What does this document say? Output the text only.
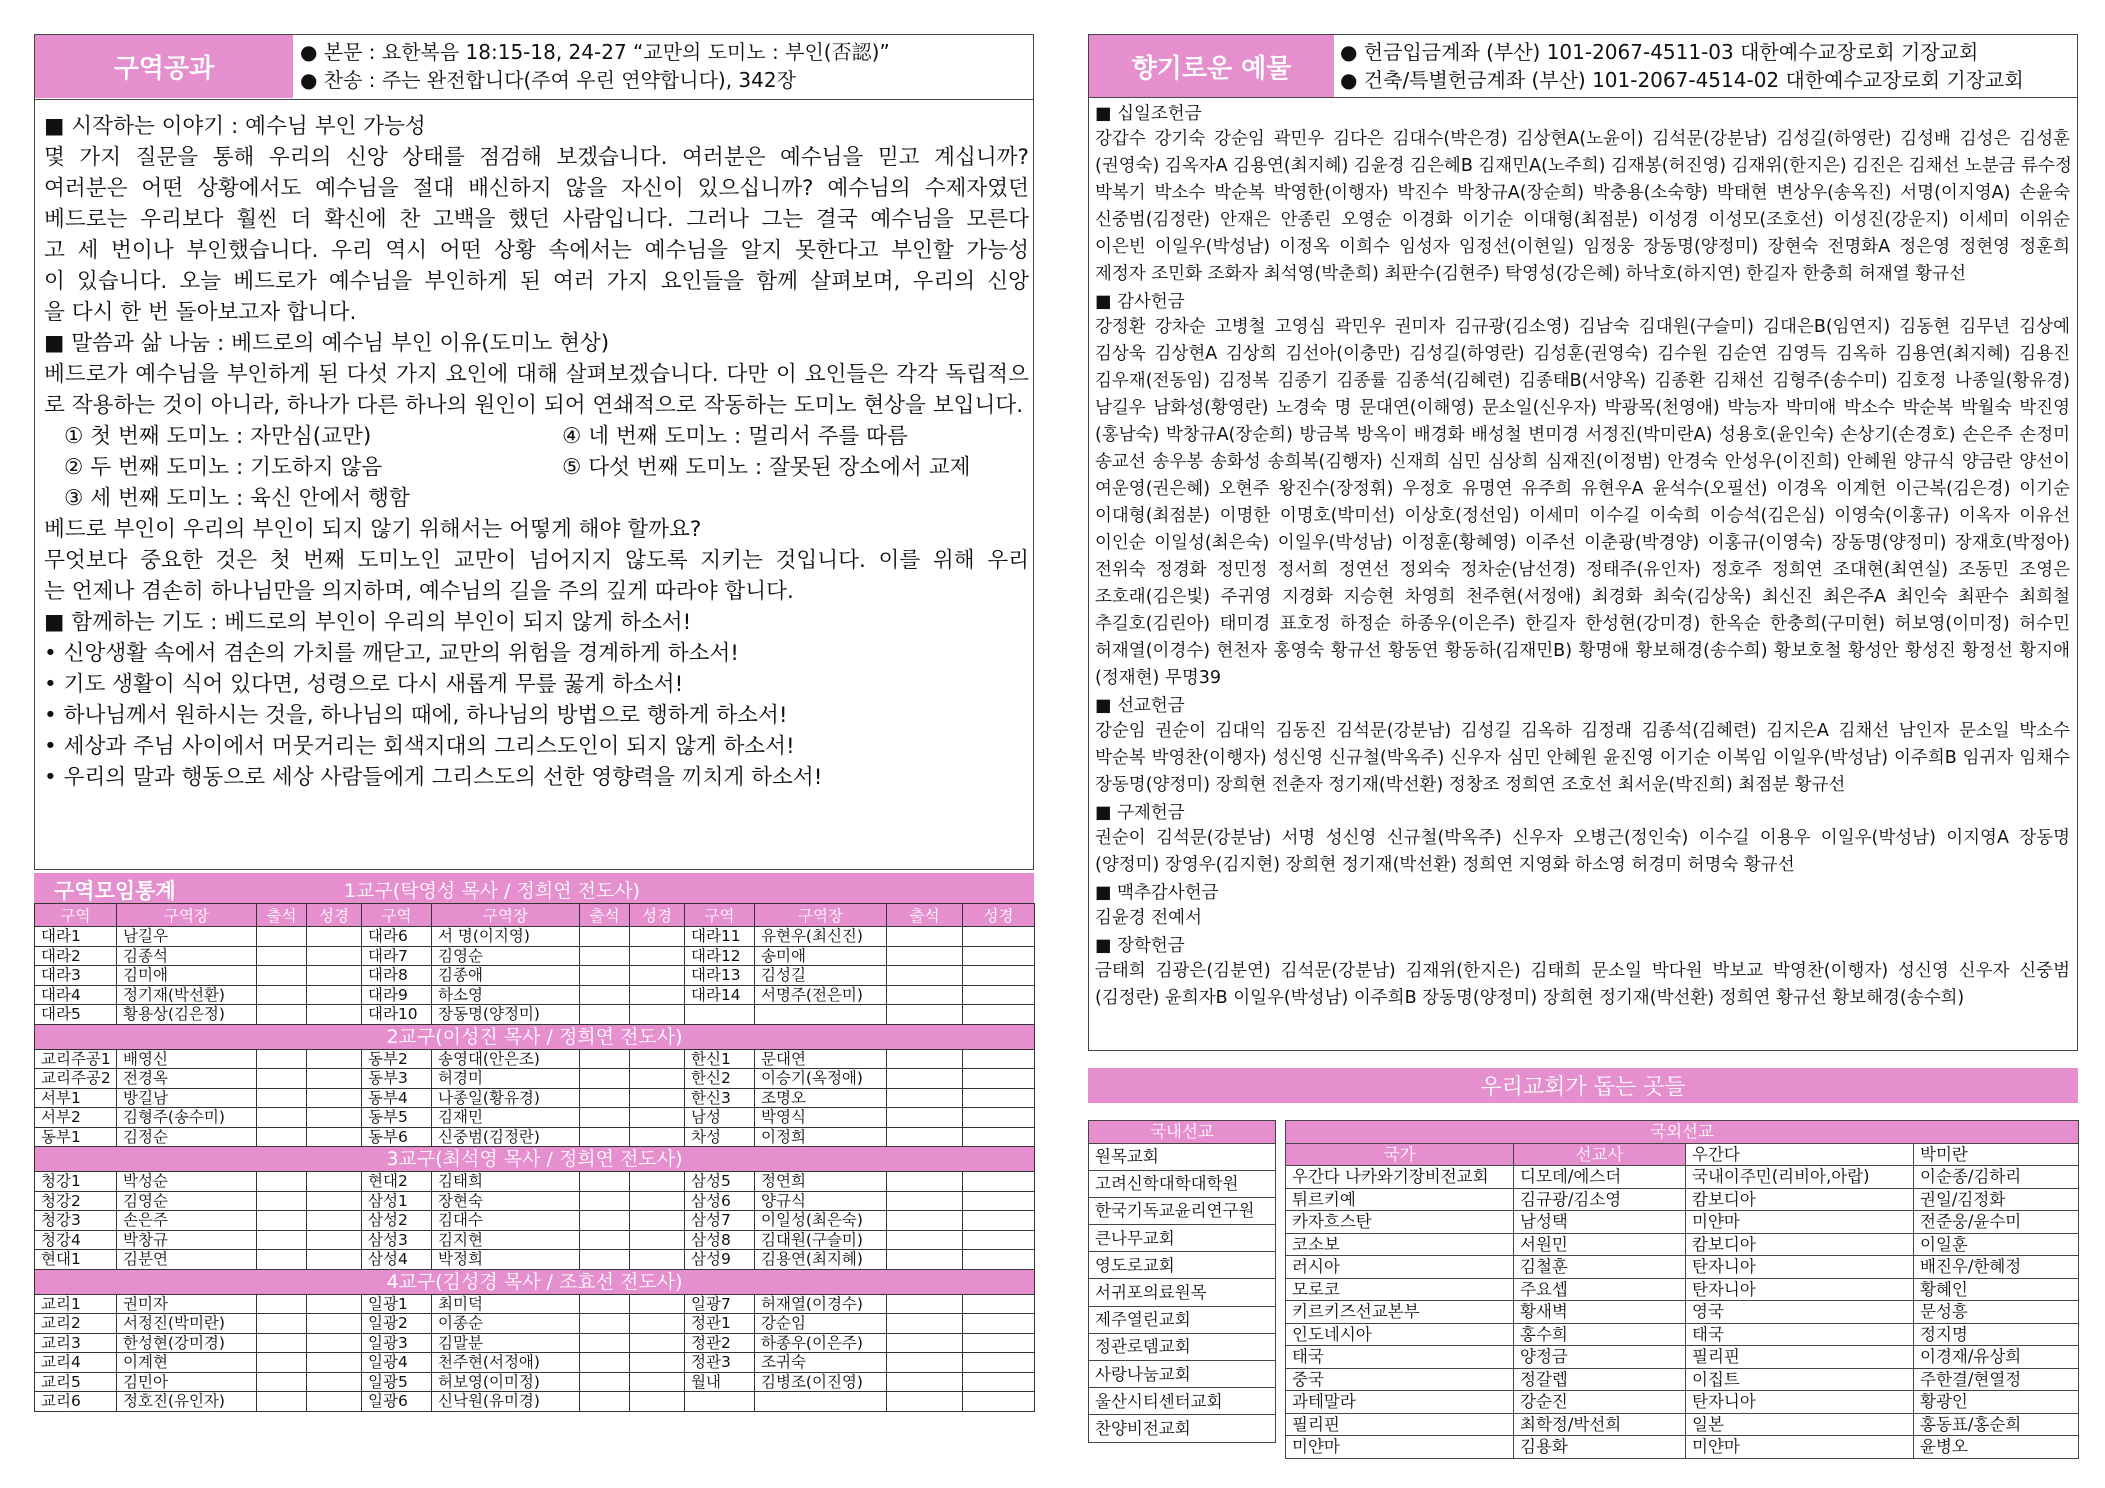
구역공과
● 본문 : 요한복음 18:15-18, 24-27 “교만의 도미노 : 부인(否認)”
● 찬송 : 주는 완전합니다(주여 우린 연약합니다), 342장
■ 시작하는 이야기 : 예수님 부인 가능성
몇 가지 질문을 통해 우리의 신앙 상태를 점검해 보겠습니다. 여러분은 예수님을 믿고 계십니까?
여러분은 어떤 상황에서도 예수님을 절대 배신하지 않을 자신이 있으십니까? 예수님의 수제자였던
베드로는 우리보다 훨씬 더 확신에 찬 고백을 했던 사람입니다. 그러나 그는 결국 예수님을 모른다
고 세 번이나 부인했습니다. 우리 역시 어떤 상황 속에서는 예수님을 알지 못한다고 부인할 가능성
이 있습니다. 오늘 베드로가 예수님을 부인하게 된 여러 가지 요인들을 함께 살펴보며, 우리의 신앙
을 다시 한 번 돌아보고자 합니다.
■ 말씀과 삶 나눔 : 베드로의 예수님 부인 이유(도미노 현상)
베드로가 예수님을 부인하게 된 다섯 가지 요인에 대해 살펴보겠습니다. 다만 이 요인들은 각각 독립적으
로 작용하는 것이 아니라, 하나가 다른 하나의 원인이 되어 연쇄적으로 작동하는 도미노 현상을 보입니다.
① 첫 번째 도미노 : 자만심(교만)
② 두 번째 도미노 : 기도하지 않음
③ 세 번째 도미노 : 육신 안에서 행함
④ 네 번째 도미노 : 멀리서 주를 따름
⑤ 다섯 번째 도미노 : 잘못된 장소에서 교제
베드로 부인이 우리의 부인이 되지 않기 위해서는 어떻게 해야 할까요?
무엇보다 중요한 것은 첫 번째 도미노인 교만이 넘어지지 않도록 지키는 것입니다. 이를 위해 우리
는 언제나 겸손히 하나님만을 의지하며, 예수님의 길을 주의 깊게 따라야 합니다.
■ 함께하는 기도 : 베드로의 부인이 우리의 부인이 되지 않게 하소서!
• 신앙생활 속에서 겸손의 가치를 깨닫고, 교만의 위험을 경계하게 하소서!
• 기도 생활이 식어 있다면, 성령으로 다시 새롭게 무릎 꿇게 하소서!
• 하나님께서 원하시는 것을, 하나님의 때에, 하나님의 방법으로 행하게 하소서!
• 세상과 주님 사이에서 머뭇거리는 회색지대의 그리스도인이 되지 않게 하소서!
• 우리의 말과 행동으로 세상 사람들에게 그리스도의 선한 영향력을 끼치게 하소서!
구역모임통계	1교구(탁영성 목사 / 정희연 전도사)
구역	구역장	출석	성경	구역	구역장	출석	성경	구역	구역장	출석	성경
대라1	남길우			대라6	서 명(이지영)			대라11	유현우(최신진)		
대라2	김종석			대라7	김영순			대라12	송미애		
대라3	김미애			대라8	김종애			대라13	김성길		
대라4	정기재(박선환)			대라9	하소영			대라14	서명주(전은미)		
대라5	황용상(김은정)			대라10	장동명(양정미)						
2교구(이성진 목사 / 정희연 전도사)											
교리주공1	배영신			동부2	송영대(안은조)			한신1	문대연		
교리주공2	전경옥			동부3	허경미			한신2	이승기(옥정애)		
서부1	방길남			동부4	나종일(황유경)			한신3	조명오		
서부2	김형주(송수미)			동부5	김재민			남성	박영식		
동부1	김정순			동부6	신중범(김정란)			차성	이정희		
3교구(최석영 목사 / 정희연 전도사)											
청강1	박성순			현대2	김태희			삼성5	정연희		
청강2	김영순			삼성1	장현숙			삼성6	양규식		
청강3	손은주			삼성2	김대수			삼성7	이일성(최은숙)		
청강4	박창규			삼성3	김지현			삼성8	김대원(구슬미)		
현대1	김분연			삼성4	박정희			삼성9	김용연(최지혜)		
4교구(김성경 목사 / 조효선 전도사)											
교리1	권미자			일광1	최미덕			일광7	허재열(이경수)		
교리2	서정진(박미란)			일광2	이종순			정관1	강순임		
교리3	한성현(강미경)			일광3	김말분			정관2	하종우(이은주)		
교리4	이계현			일광4	천주현(서정애)			정관3	조귀숙		
교리5	김민아			일광5	허보영(이미정)			월내	김병조(이진영)		
교리6	정호진(유인자)			일광6	신낙원(유미경)						
향기로운 예물
● 헌금입금계좌 (부산) 101-2067-4511-03 대한예수교장로회 기장교회
● 건축/특별헌금계좌 (부산) 101-2067-4514-02 대한예수교장로회 기장교회
■ 십일조헌금
강갑수 강기숙 강순임 곽민우 김다은 김대수(박은경) 김상현A(노윤이) 김석문(강분남) 김성길(하영란) 김성배 김성은 김성훈
(권영숙) 김옥자A 김용연(최지혜) 김윤경 김은혜B 김재민A(노주희) 김재봉(허진영) 김재위(한지은) 김진은 김채선 노분금 류수정
박복기 박소수 박순복 박영한(이행자) 박진수 박창규A(장순희) 박충용(소숙향) 박태현 변상우(송옥진) 서명(이지영A) 손윤숙
신중범(김정란) 안재은 안종린 오영순 이경화 이기순 이대형(최점분) 이성경 이성모(조호선) 이성진(강운지) 이세미 이위순
이은빈 이일우(박성남) 이정옥 이희수 임성자 임정선(이현일) 임정웅 장동명(양정미) 장현숙 전명화A 정은영 정현영 정훈희
제정자 조민화 조화자 최석영(박춘희) 최판수(김현주) 탁영성(강은혜) 하낙호(하지연) 한길자 한충희 허재열 황규선
■ 감사헌금
강정환 강차순 고병철 고영심 곽민우 권미자 김규광(김소영) 김남숙 김대원(구슬미) 김대은B(임연지) 김동현 김무년 김상예
김상욱 김상현A 김상희 김선아(이충만) 김성길(하영란) 김성훈(권영숙) 김수원 김순연 김영득 김옥하 김용연(최지혜) 김용진
김우재(전동임) 김정복 김종기 김종률 김종석(김혜련) 김종태B(서양옥) 김종환 김채선 김형주(송수미) 김호정 나종일(황유경)
남길우 남화성(황영란) 노경숙 명 문대연(이해영) 문소일(신우자) 박광목(천영애) 박능자 박미애 박소수 박순복 박월숙 박진영
(홍남숙) 박창규A(장순희) 방금복 방옥이 배경화 배성철 변미경 서정진(박미란A) 성용호(윤인숙) 손상기(손경호) 손은주 손정미
송교선 송우봉 송화성 송희복(김행자) 신재희 심민 심상희 심재진(이정범) 안경숙 안성우(이진희) 안혜원 양규식 양금란 양선이
여운영(권은혜) 오현주 왕진수(장정휘) 우정호 유명연 유주희 유현우A 윤석수(오필선) 이경옥 이계헌 이근복(김은경) 이기순
이대형(최점분) 이명한 이명호(박미선) 이상호(정선임) 이세미 이수길 이숙희 이승석(김은심) 이영숙(이홍규) 이옥자 이유선
이인순 이일성(최은숙) 이일우(박성남) 이정훈(황혜영) 이주선 이춘광(박경양) 이홍규(이영숙) 장동명(양정미) 장재호(박정아)
전위숙 정경화 정민정 정서희 정연선 정외숙 정차순(남선경) 정태주(유인자) 정호주 정희연 조대현(최연실) 조동민 조영은
조호래(김은빛) 주귀영 지경화 지승현 차영희 천주현(서정애) 최경화 최숙(김상욱) 최신진 최은주A 최인숙 최판수 최희철
추길호(김린아) 태미경 표호정 하정순 하종우(이은주) 한길자 한성현(강미경) 한옥순 한충희(구미현) 허보영(이미정) 허수민
허재열(이경수) 현천자 홍영숙 황규선 황동연 황동하(김재민B) 황명애 황보해경(송수희) 황보호철 황성안 황성진 황정선 황지애
(정재현) 무명39
■ 선교헌금
강순임 권순이 김대익 김동진 김석문(강분남) 김성길 김옥하 김정래 김종석(김혜련) 김지은A 김채선 남인자 문소일 박소수
박순복 박영찬(이행자) 성신영 신규철(박옥주) 신우자 심민 안혜원 윤진영 이기순 이복임 이일우(박성남) 이주희B 임귀자 임채수
장동명(양정미) 장희현 전춘자 정기재(박선환) 정창조 정희연 조호선 최서운(박진희) 최점분 황규선
■ 구제헌금
권순이 김석문(강분남) 서명 성신영 신규철(박옥주) 신우자 오병근(정인숙) 이수길 이용우 이일우(박성남) 이지영A 장동명
(양정미) 장영우(김지현) 장희현 정기재(박선환) 정희연 지영화 하소영 허경미 허명숙 황규선
■ 맥추감사헌금
김윤경 전예서
■ 장학헌금
금태희 김광은(김분연) 김석문(강분남) 김재위(한지은) 김태희 문소일 박다원 박보교 박영찬(이행자) 성신영 신우자 신중범
(김정란) 윤희자B 이일우(박성남) 이주희B 장동명(양정미) 장희현 정기재(박선환) 정희연 황규선 황보해경(송수희)
우리교회가 돕는 곳들
국내선교
원목교회
고려신학대학대학원
한국기독교윤리연구원
큰나무교회
영도로교회
서귀포의료원목
제주열린교회
정관로뎀교회
사랑나눔교회
울산시티센터교회
찬양비전교회
국외선교			
국가	선교사	우간다	박미란
우간다 나카와기장비전교회	디모데/에스더	국내이주민(리비아,아랍)	이순종/김하리
튀르키예	김규광/김소영	캄보디아	권일/김정화
카자흐스탄	남성택	미얀마	전준웅/윤수미
코소보	서원민	캄보디아	이일훈
러시아	김철훈	탄자니아	배진우/한혜정
모로코	주요셉	탄자니아	황혜인
키르키즈선교본부	황새벽	영국	문성흥
인도네시아	홍수희	태국	정지명
태국	양정금	필리핀	이경재/유상희
중국	정갈렙	이집트	주한결/현열정
과테말라	강순진	탄자니아	황광인
필리핀	최학정/박선희	일본	홍동표/홍순희
미얀마	김용화	미얀마	윤병오
